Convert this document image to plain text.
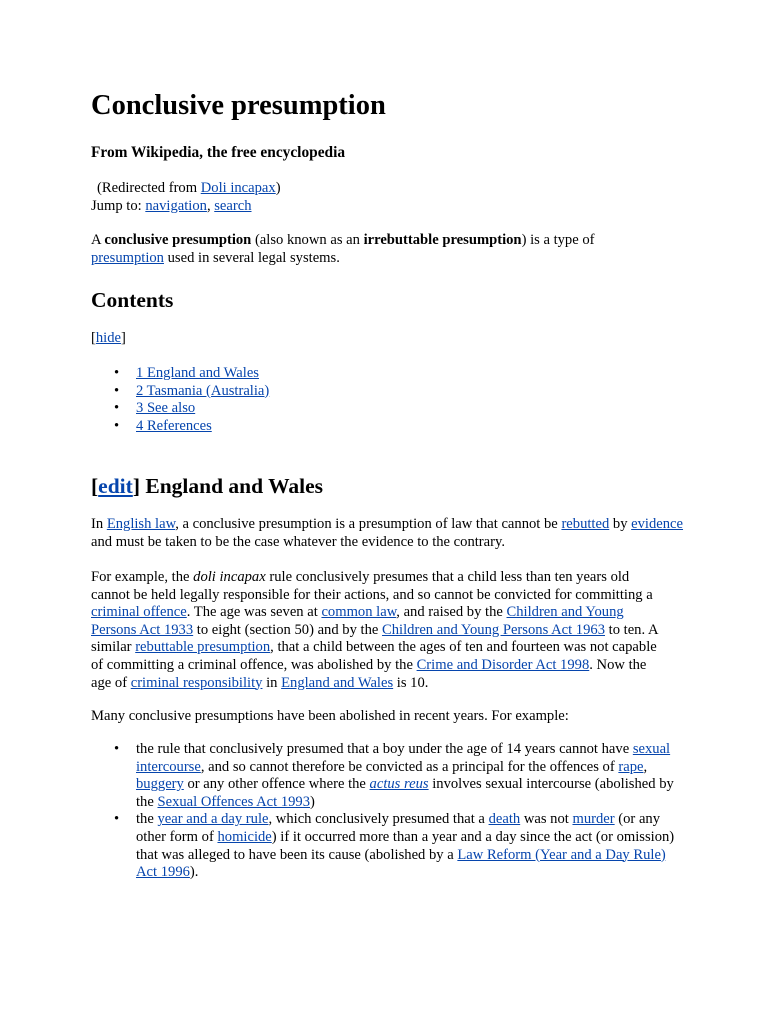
Conclusive presumption
From Wikipedia, the free encyclopedia
(Redirected from Doli incapax)
Jump to: navigation, search

A conclusive presumption (also known as an irrebuttable presumption) is a type of
presumption used in several legal systems.

Contents
[hide]
• 1 England and Wales
• 2 Tasmania (Australia)
• 3 See also
• 4 References
[edit] England and Wales

In English law, a conclusive presumption is a presumption of law that cannot be rebutted by evidence and must be taken to be the case whatever the evidence to the contrary.

For example, the doli incapax rule conclusively presumes that a child less than ten years old cannot be held legally responsible for their actions, and so cannot be convicted for committing a criminal offence. The age was seven at common law, and raised by the Children and Young Persons Act 1933 to eight (section 50) and by the Children and Young Persons Act 1963 to ten. A similar rebuttable presumption, that a child between the ages of ten and fourteen was not capable of committing a criminal offence, was abolished by the Crime and Disorder Act 1998. Now the age of criminal responsibility in England and Wales is 10.

Many conclusive presumptions have been abolished in recent years. For example:

• the rule that conclusively presumed that a boy under the age of 14 years cannot have sexual intercourse, and so cannot therefore be convicted as a principal for the offences of rape, buggery or any other offence where the actus reus involves sexual intercourse (abolished by the Sexual Offences Act 1993)
• the year and a day rule, which conclusively presumed that a death was not murder (or any other form of homicide) if it occurred more than a year and a day since the act (or omission) that was alleged to have been its cause (abolished by a Law Reform (Year and a Day Rule) Act 1996).
